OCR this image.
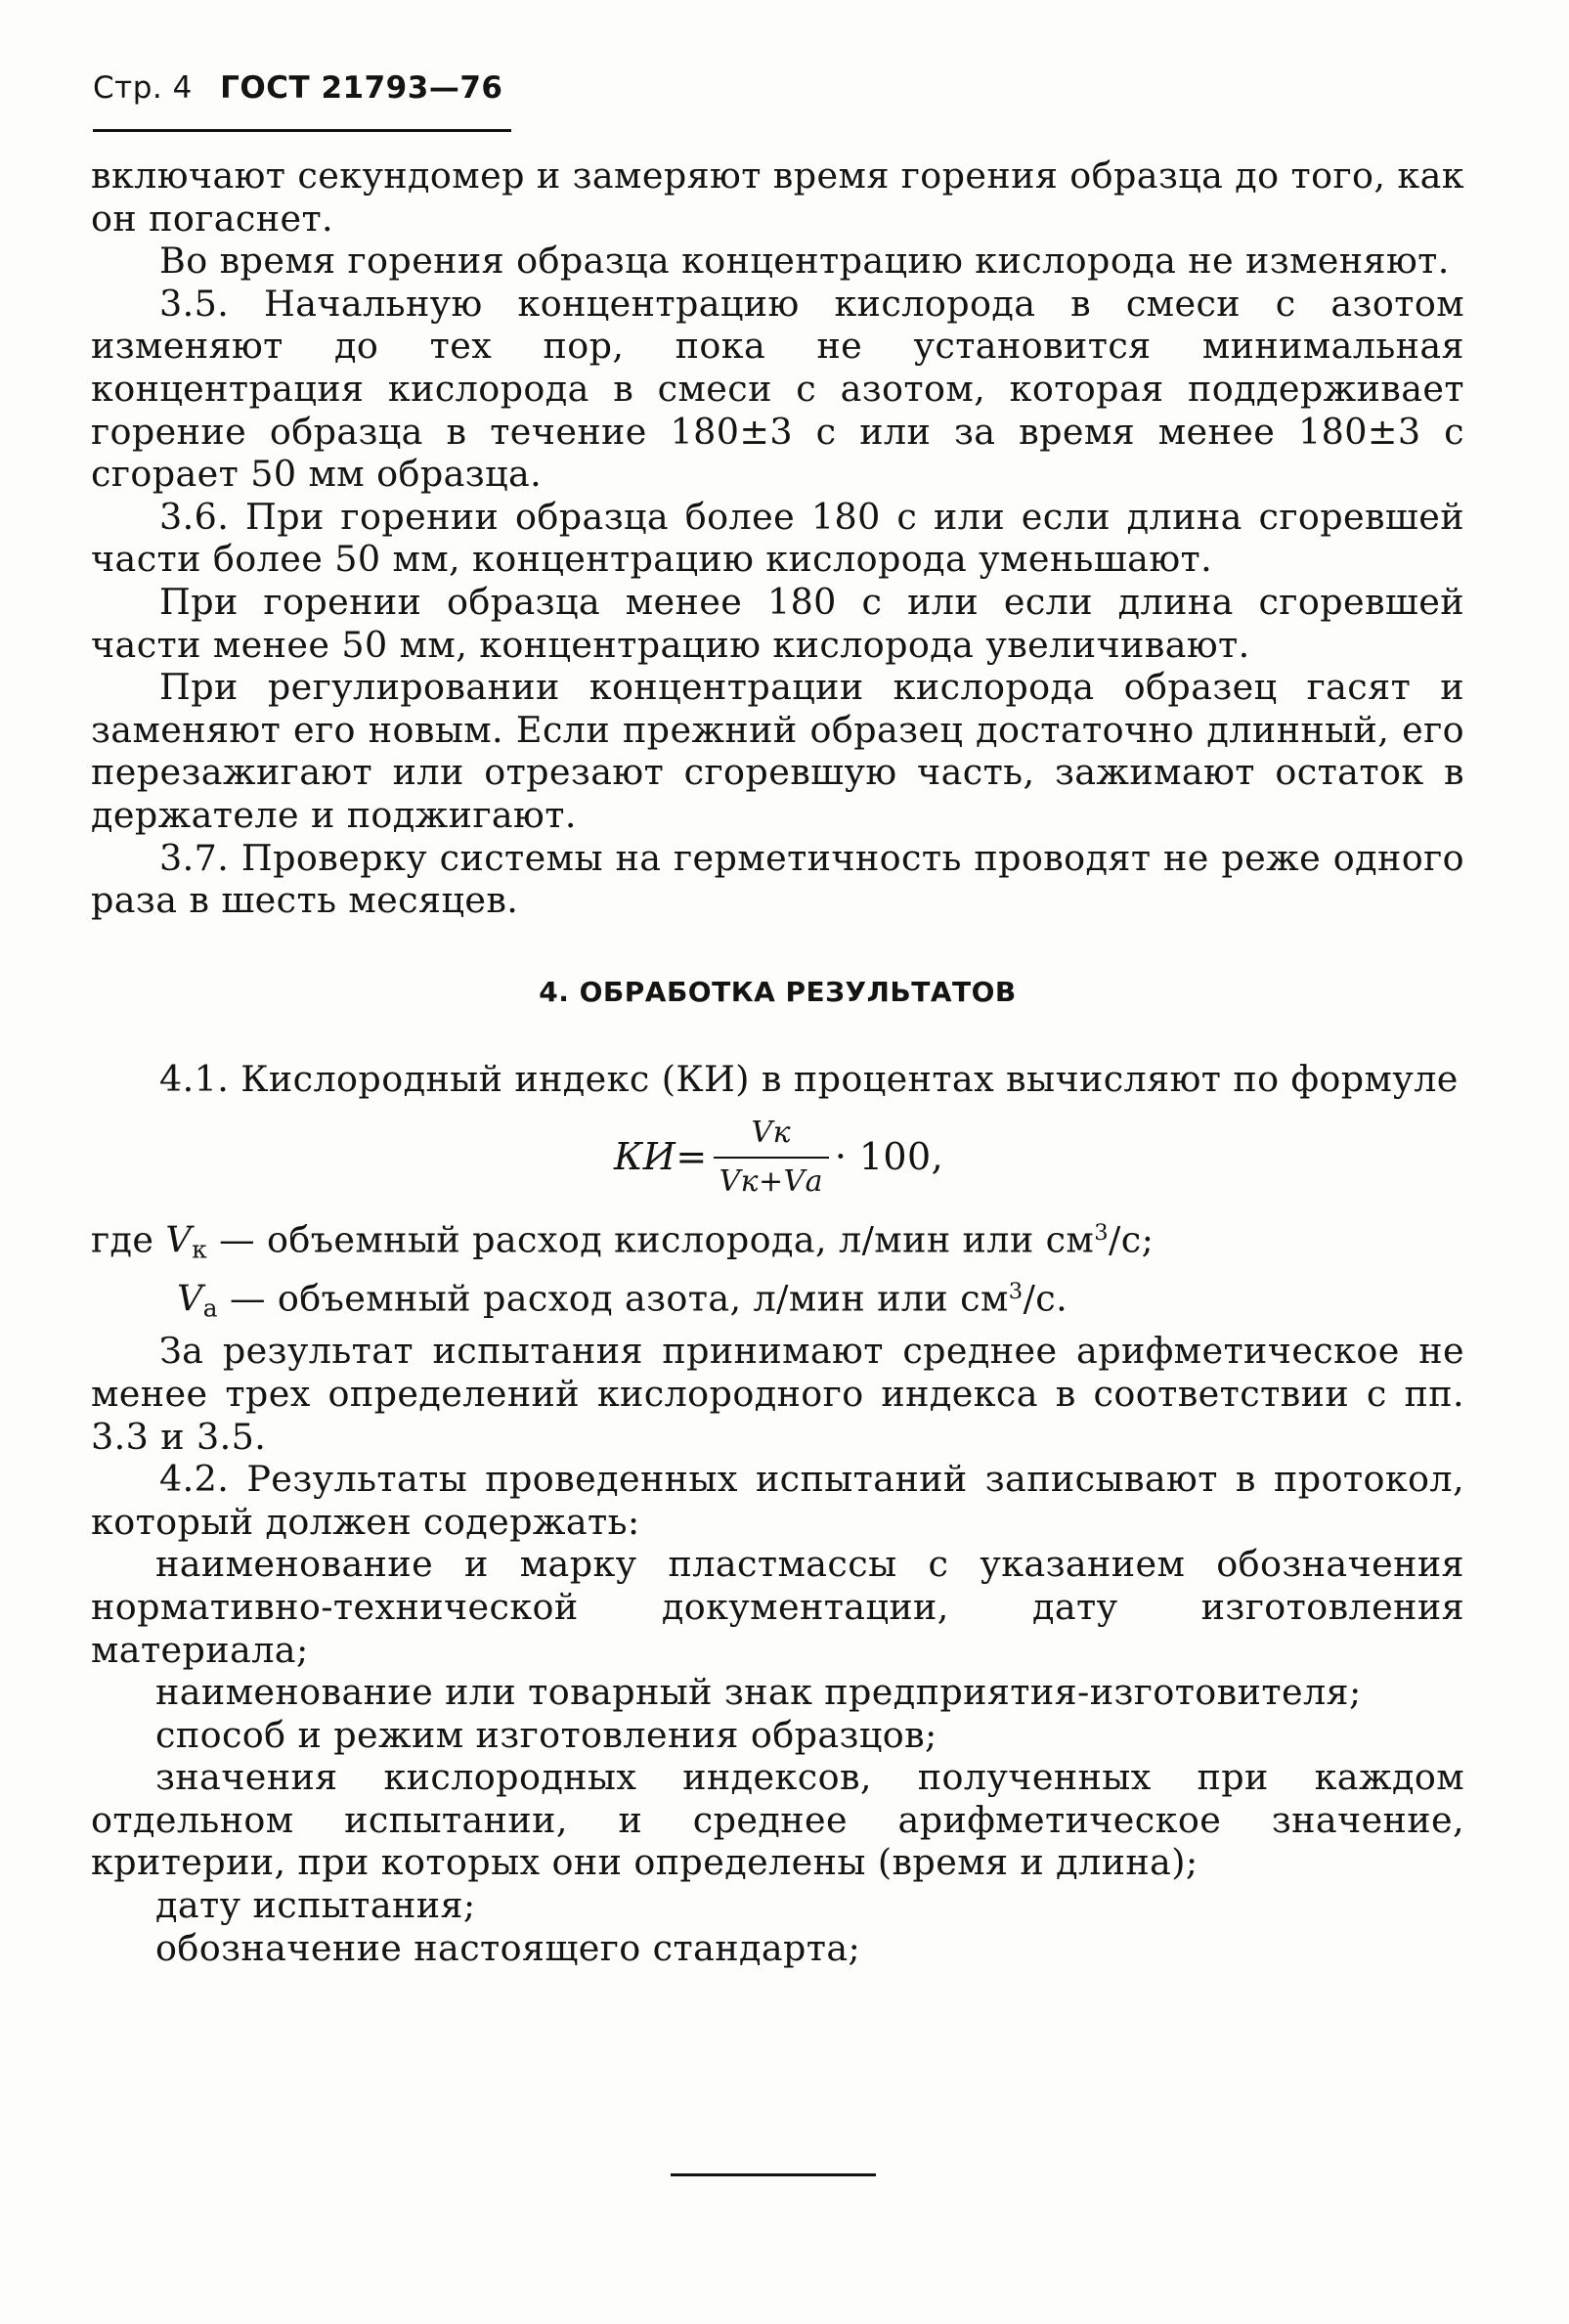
Стр. 4 ГОСТ 21793—76

включают секундомер и замеряют время горения образца до того, как он погаснет.

Во время горения образца концентрацию кислорода не изменяют.

3.5. Начальную концентрацию кислорода в смеси с азотом изменяют до тех пор, пока не установится минимальная концентрация кислорода в смеси с азотом, которая поддерживает горение образца в течение 180±3 с или за время менее 180±3 с сгорает 50 мм образца.

3.6. При горении образца более 180 с или если длина сгоревшей части более 50 мм, концентрацию кислорода уменьшают.

При горении образца менее 180 с или если длина сгоревшей части менее 50 мм, концентрацию кислорода увеличивают.

При регулировании концентрации кислорода образец гасят и заменяют его новым. Если прежний образец достаточно длинный, его перезажигают или отрезают сгоревшую часть, зажимают остаток в держателе и поджигают.

3.7. Проверку системы на герметичность проводят не реже одного раза в шесть месяцев.

4. ОБРАБОТКА РЕЗУЛЬТАТОВ

4.1. Кислородный индекс (КИ) в процентах вычисляют по формуле

КИ = $\frac{Vк}{Vк+Vа} \cdot 100$,

где $V_к$ — объемный расход кислорода, л/мин или $см^3/с$;

$V_а$ — объемный расход азота, л/мин или $см^3/с$.

За результат испытания принимают среднее арифметическое не менее трех определений кислородного индекса в соответствии с пп. 3.3 и 3.5.

4.2. Результаты проведенных испытаний записывают в протокол, который должен содержать:

наименование и марку пластмассы с указанием обозначения нормативно-технической документации, дату изготовления материала;

наименование или товарный знак предприятия-изготовителя;

способ и режим изготовления образцов;

значения кислородных индексов, полученных при каждом отдельном испытании, и среднее арифметическое значение, критерии, при которых они определены (время и длина);

дату испытания;

обозначение настоящего стандарта;
